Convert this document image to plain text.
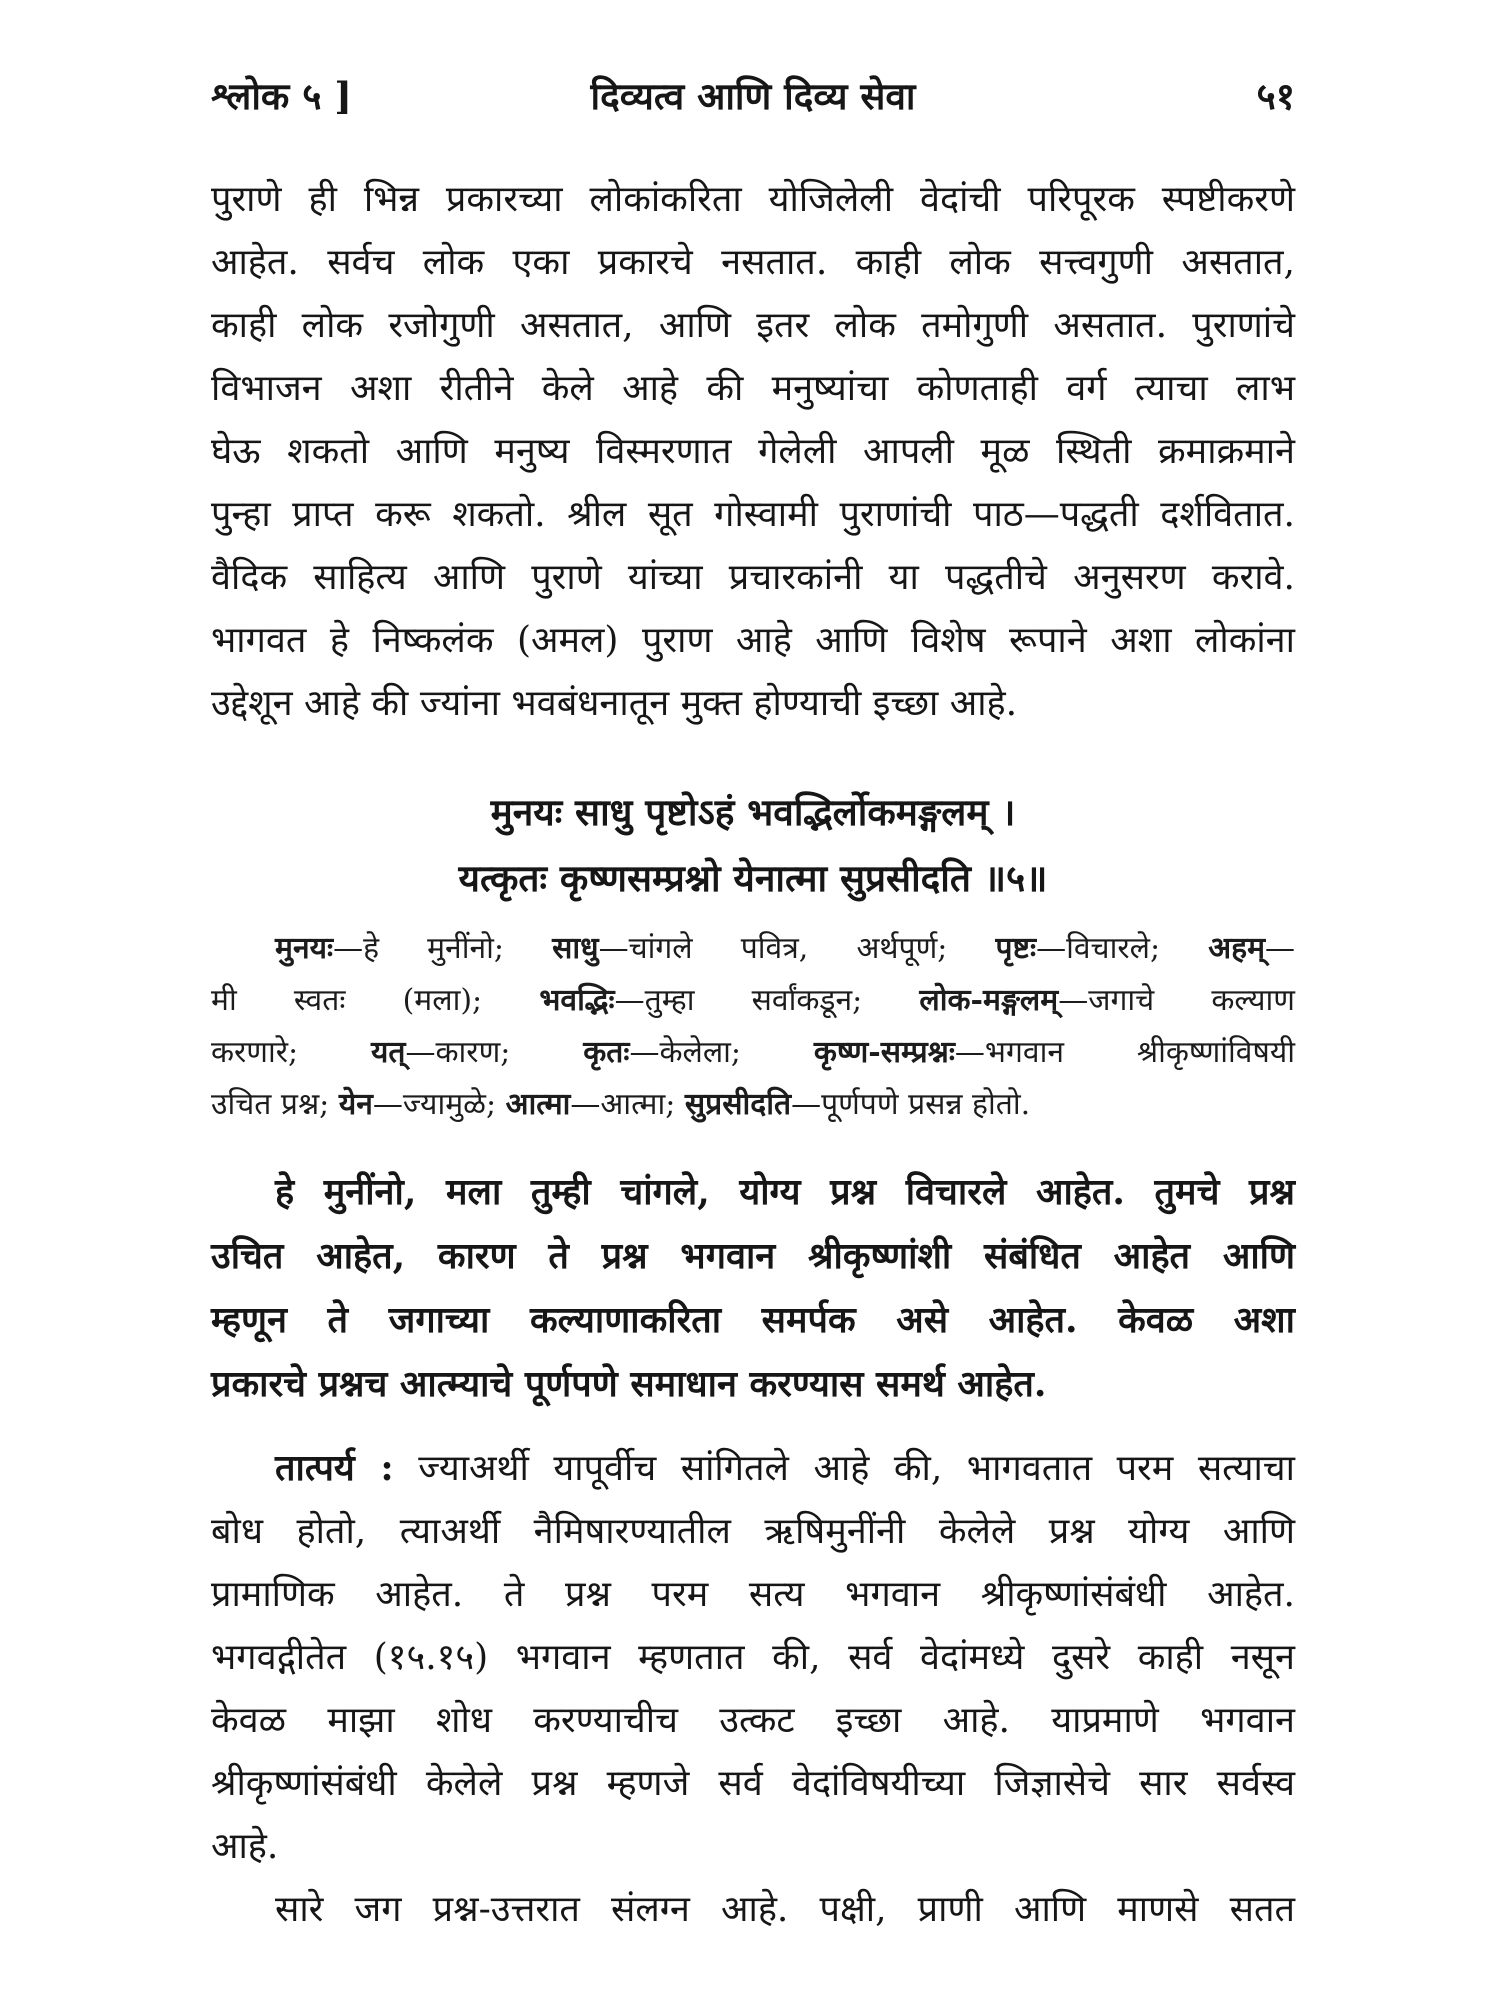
श्लोक ५ ]	दिव्यत्व आणि दिव्य सेवा	५१
पुराणे ही भिन्न प्रकारच्या लोकांकरिता योजिलेली वेदांची परिपूरक स्पष्टीकरणे
आहेत. सर्वच लोक एका प्रकारचे नसतात. काही लोक सत्त्वगुणी असतात,
काही लोक रजोगुणी असतात, आणि इतर लोक तमोगुणी असतात. पुराणांचे
विभाजन अशा रीतीने केले आहे की मनुष्यांचा कोणताही वर्ग त्याचा लाभ
घेऊ शकतो आणि मनुष्य विस्मरणात गेलेली आपली मूळ स्थिती क्रमाक्रमाने
पुन्हा प्राप्त करू शकतो. श्रील सूत गोस्वामी पुराणांची पाठ—पद्धती दर्शवितात.
वैदिक साहित्य आणि पुराणे यांच्या प्रचारकांनी या पद्धतीचे अनुसरण करावे.
भागवत हे निष्कलंक (अमल) पुराण आहे आणि विशेष रूपाने अशा लोकांना
उद्देशून आहे की ज्यांना भवबंधनातून मुक्त होण्याची इच्छा आहे.
मुनयः साधु पृष्टोऽहं भवद्भिर्लोकमङ्गलम् ।
यत्कृतः कृष्णसम्प्रश्नो येनात्मा सुप्रसीदति ॥५॥
मुनयः—हे मुनींनो; साधु—चांगले पवित्र, अर्थपूर्ण; पृष्टः—विचारले; अहम्—
मी स्वतः (मला); भवद्भिः—तुम्हा सर्वांकडून; लोक-मङ्गलम्—जगाचे कल्याण
करणारे; यत्—कारण; कृतः—केलेला; कृष्ण-सम्प्रश्नः—भगवान श्रीकृष्णांविषयी
उचित प्रश्न; येन—ज्यामुळे; आत्मा—आत्मा; सुप्रसीदति—पूर्णपणे प्रसन्न होतो.
हे मुनींनो, मला तुम्ही चांगले, योग्य प्रश्न विचारले आहेत. तुमचे प्रश्न
उचित आहेत, कारण ते प्रश्न भगवान श्रीकृष्णांशी संबंधित आहेत आणि
म्हणून ते जगाच्या कल्याणाकरिता समर्पक असे आहेत. केवळ अशा
प्रकारचे प्रश्नच आत्म्याचे पूर्णपणे समाधान करण्यास समर्थ आहेत.
तात्पर्य : ज्याअर्थी यापूर्वीच सांगितले आहे की, भागवतात परम सत्याचा
बोध होतो, त्याअर्थी नैमिषारण्यातील ऋषिमुनींनी केलेले प्रश्न योग्य आणि
प्रामाणिक आहेत. ते प्रश्न परम सत्य भगवान श्रीकृष्णांसंबंधी आहेत.
भगवद्गीतेत (१५.१५) भगवान म्हणतात की, सर्व वेदांमध्ये दुसरे काही नसून
केवळ माझा शोध करण्याचीच उत्कट इच्छा आहे. याप्रमाणे भगवान
श्रीकृष्णांसंबंधी केलेले प्रश्न म्हणजे सर्व वेदांविषयीच्या जिज्ञासेचे सार सर्वस्व
आहे.
सारे जग प्रश्न-उत्तरात संलग्न आहे. पक्षी, प्राणी आणि माणसे सतत
